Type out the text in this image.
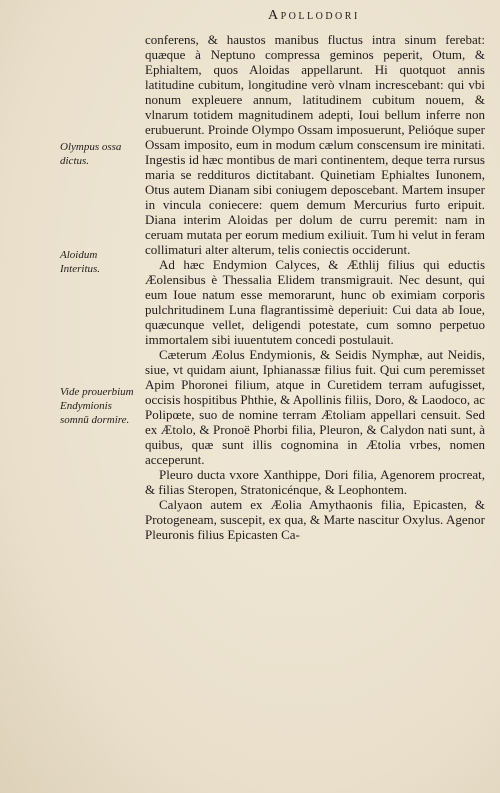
Apollodori
Olympus ossa dictus.
Aloidum Interitus.
Vide prouerbium Endymionis somnū dormire.

conferens, & haustos manibus fluctus intra sinum ferebat: quæque à Neptuno compressa geminos peperit, Otum, & Ephialtem, quos Aloidas appellarunt. Hi quotquot annis latitudine cubitum, longitudine verò vlnam increscebant: qui vbi nonum expleuere annum, latitudinem cubitum nouem, & vlnarum totidem magnitudinem adepti, Ioui bellum inferre non erubuerunt. Proinde Olympo Ossam imposuerunt, Pelióque super Ossam imposito, eum in modum cælum conscensum ire minitati. Ingestis id hæc montibus de mari continentem, deque terra rursus maria se reddituros dictitabant. Quinetiam Ephialtes Iunonem, Otus autem Dianam sibi coniugem deposcebant. Martem insuper in vincula coniecere: quem demum Mercurius furto eripuit. Diana interim Aloidas per dolum de curru peremit: nam in ceruam mutata per eorum medium exiliuit. Tum hi velut in feram collimaturi alter alterum, telis coniectis occiderunt.

Ad hæc Endymion Calyces, & Æthlij filius qui eductis Æolensibus è Thessalia Elidem transmigrauit. Nec desunt, qui eum Ioue natum esse memorarunt, hunc ob eximiam corporis pulchritudinem Luna flagrantissimè deperiuit: Cui data ab Ioue, quæcunque vellet, deligendi potestate, cum somno perpetuo immortalem sibi iuuentutem concedi postulauit.

Cæterum Æolus Endymionis, & Seidis Nymphæ, aut Neidis, siue, vt quidam aiunt, Iphianassæ filius fuit. Qui cum peremisset Apim Phoronei filium, atque in Curetidem terram aufugisset, occisis hospitibus Phthie, & Apollinis filiis, Doro, & Laodoco, ac Polipœte, suo de nomine terram Ætoliam appellari censuit. Sed ex Ætolo, & Pronoë Phorbi filia, Pleuron, & Calydon nati sunt, à quibus, quæ sunt illis cognomina in Ætolia vrbes, nomen acceperunt.

Pleuro ducta vxore Xanthippe, Dori filia, Agenorem procreat, & filias Steropen, Stratonicénque, & Leophontem.

Calyaon autem ex Æolia Amythaonis filia, Epicasten, & Protogeneam, suscepit, ex qua, & Marte nascitur Oxylus. Agenor Pleuronis filius Epicasten Ca-
